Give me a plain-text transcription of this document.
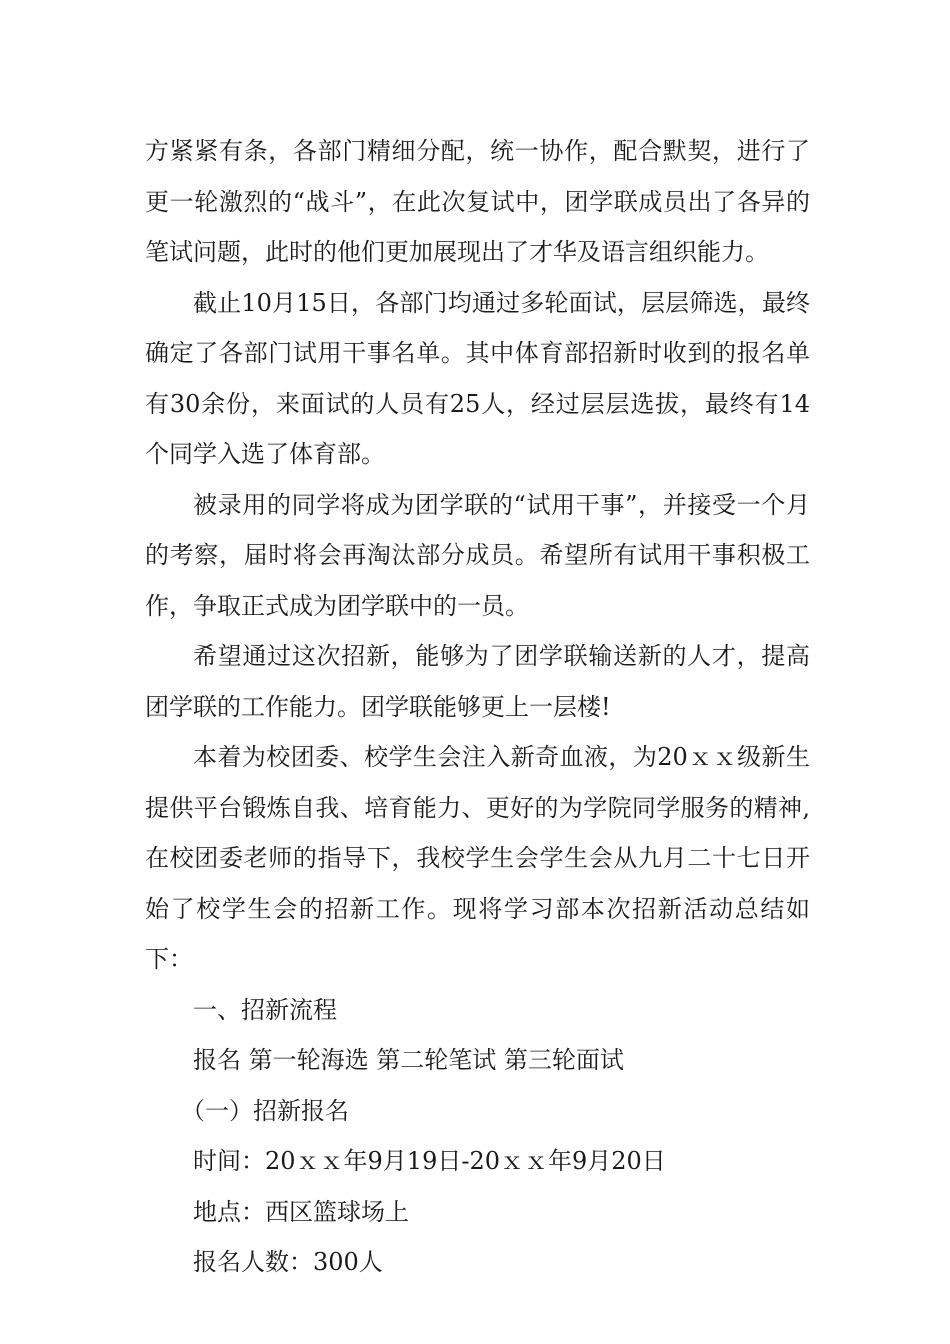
方紧紧有条，各部门精细分配，统一协作，配合默契，进行了更一轮激烈的“战斗”，在此次复试中，团学联成员出了各异的笔试问题，此时的他们更加展现出了才华及语言组织能力。

截止10月15日，各部门均通过多轮面试，层层筛选，最终确定了各部门试用干事名单。其中体育部招新时收到的报名单有30余份，来面试的人员有25人，经过层层选拔，最终有14个同学入选了体育部。

被录用的同学将成为团学联的“试用干事”，并接受一个月的考察，届时将会再淘汰部分成员。希望所有试用干事积极工作，争取正式成为团学联中的一员。

希望通过这次招新，能够为了团学联输送新的人才，提高团学联的工作能力。团学联能够更上一层楼!

本着为校团委、校学生会注入新奇血液，为20ｘｘ级新生提供平台锻炼自我、培育能力、更好的为学院同学服务的精神,在校团委老师的指导下，我校学生会学生会从九月二十七日开始了校学生会的招新工作。现将学习部本次招新活动总结如下：

一、招新流程

报名 第一轮海选 第二轮笔试 第三轮面试

（一）招新报名

时间：20ｘｘ年9月19日-20ｘｘ年9月20日

地点：西区篮球场上

报名人数：300人
